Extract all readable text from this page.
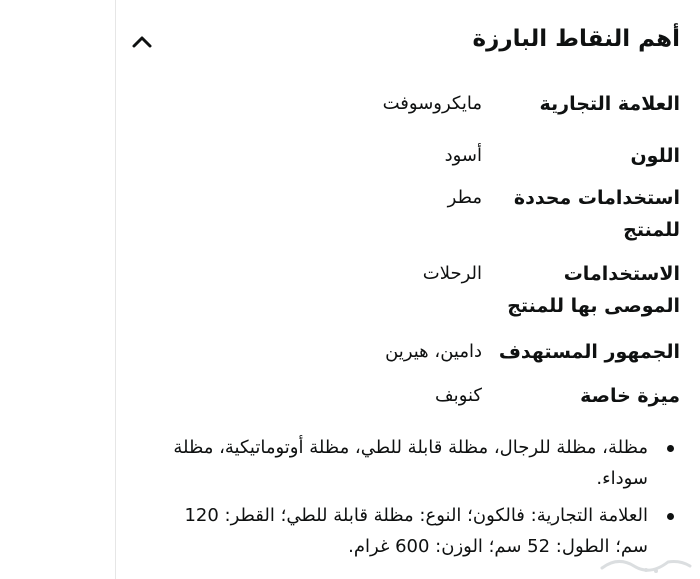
أهم النقاط البارزة
العلامة التجارية
مايكروسوفت
اللون
أسود
استخدامات محددة للمنتج
مطر
الاستخدامات الموصى بها للمنتج
الرحلات
الجمهور المستهدف
دامين، هيرين
ميزة خاصة
كنوبف
مظلة، مظلة للرجال، مظلة قابلة للطي، مظلة أوتوماتيكية، مظلة سوداء.
العلامة التجارية: فالكون؛ النوع: مظلة قابلة للطي؛ القطر: 120 سم؛ الطول: 52 سم؛ الوزن: 600 غرام.
